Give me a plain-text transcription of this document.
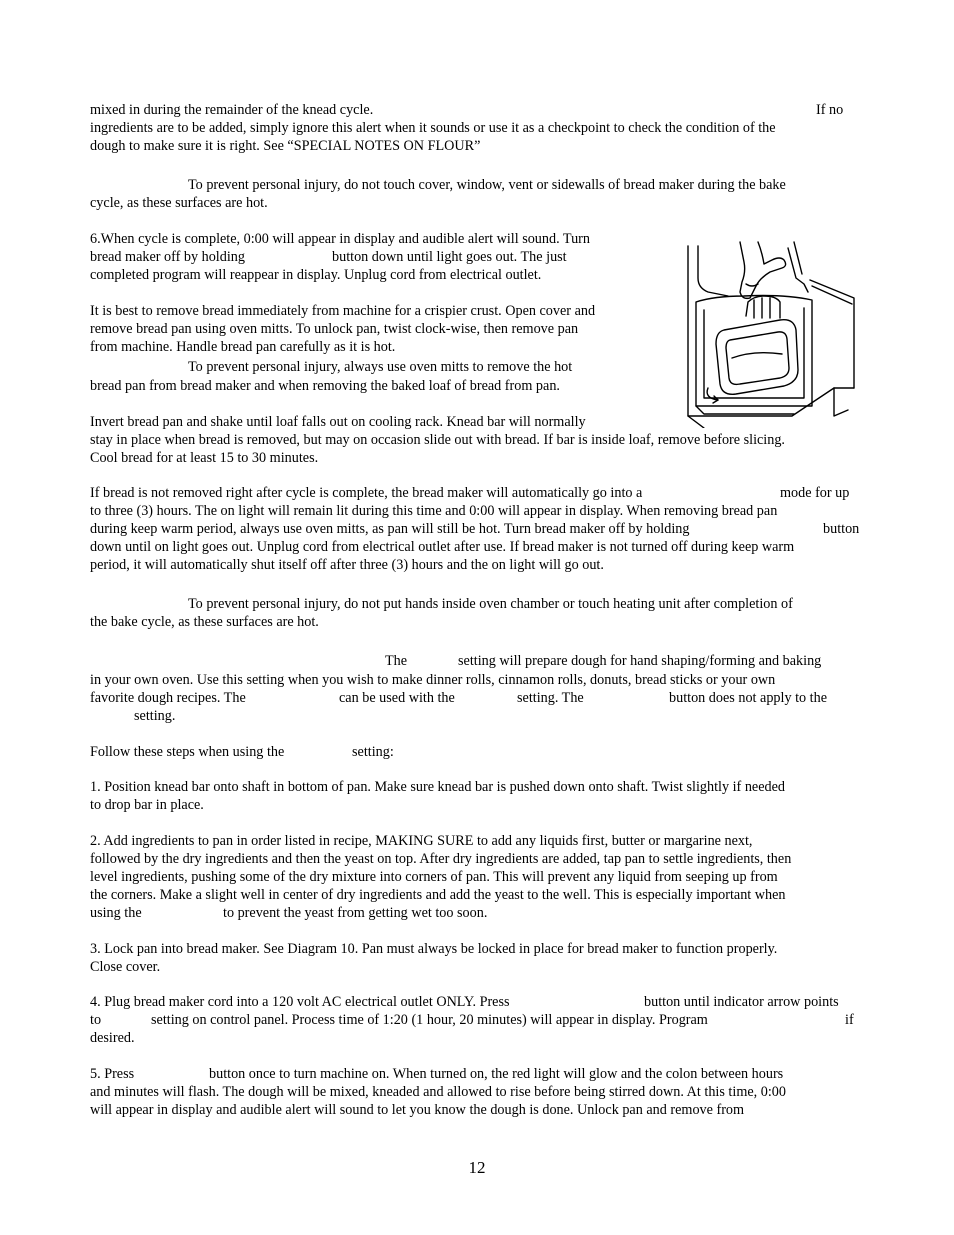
mixed in during the remainder of the knead cycle.	If no
ingredients are to be added, simply ignore this alert when it sounds or use it as a checkpoint to check the condition of the
dough to make sure it is right. See “SPECIAL NOTES ON FLOUR”
To prevent personal injury, do not touch cover, window, vent or sidewalls of bread maker during the bake
cycle, as these surfaces are hot.
6.When cycle is complete, 0:00 will appear in display and audible alert will sound. Turn
bread maker off by holding	button down until light goes out. The just
completed program will reappear in display. Unplug cord from electrical outlet.
It is best to remove bread immediately from machine for a crispier crust. Open cover and
remove bread pan using oven mitts. To unlock pan, twist clock-wise, then remove pan
from machine. Handle bread pan carefully as it is hot.
To prevent personal injury, always use oven mitts to remove the hot
bread pan from bread maker and when removing the baked loaf of bread from pan.
Invert bread pan and shake until loaf falls out on cooling rack. Knead bar will normally
stay in place when bread is removed, but may on occasion slide out with bread. If bar is inside loaf, remove before slicing.
Cool bread for at least 15 to 30 minutes.
If bread is not removed right after cycle is complete, the bread maker will automatically go into a	mode for up
to three (3) hours. The on light will remain lit during this time and 0:00 will appear in display. When removing bread pan
during keep warm period, always use oven mitts, as pan will still be hot. Turn bread maker off by holding	button
down until on light goes out. Unplug cord from electrical outlet after use. If bread maker is not turned off during keep warm
period, it will automatically shut itself off after three (3) hours and the on light will go out.
To prevent personal injury, do not put hands inside oven chamber or touch heating unit after completion of
the bake cycle, as these surfaces are hot.
The	setting will prepare dough for hand shaping/forming and baking
in your own oven. Use this setting when you wish to make dinner rolls, cinnamon rolls, donuts, bread sticks or your own
favorite dough recipes. The	can be used with the	setting. The	button does not apply to the
setting.
Follow these steps when using the	setting:
1. Position knead bar onto shaft in bottom of pan. Make sure knead bar is pushed down onto shaft. Twist slightly if needed
to drop bar in place.
2. Add ingredients to pan in order listed in recipe, MAKING SURE to add any liquids first, butter or margarine next,
followed by the dry ingredients and then the yeast on top. After dry ingredients are added, tap pan to settle ingredients, then
level ingredients, pushing some of the dry mixture into corners of pan. This will prevent any liquid from seeping up from
the corners. Make a slight well in center of dry ingredients and add the yeast to the well. This is especially important when
using the	to prevent the yeast from getting wet too soon.
3. Lock pan into bread maker. See Diagram 10. Pan must always be locked in place for bread maker to function properly.
Close cover.
4. Plug bread maker cord into a 120 volt AC electrical outlet ONLY. Press	button until indicator arrow points
to	setting on control panel. Process time of 1:20 (1 hour, 20 minutes) will appear in display. Program	if
desired.
5. Press	button once to turn machine on. When turned on, the red light will glow and the colon between hours
and minutes will flash. The dough will be mixed, kneaded and allowed to rise before being stirred down. At this time, 0:00
will appear in display and audible alert will sound to let you know the dough is done. Unlock pan and remove from
12
